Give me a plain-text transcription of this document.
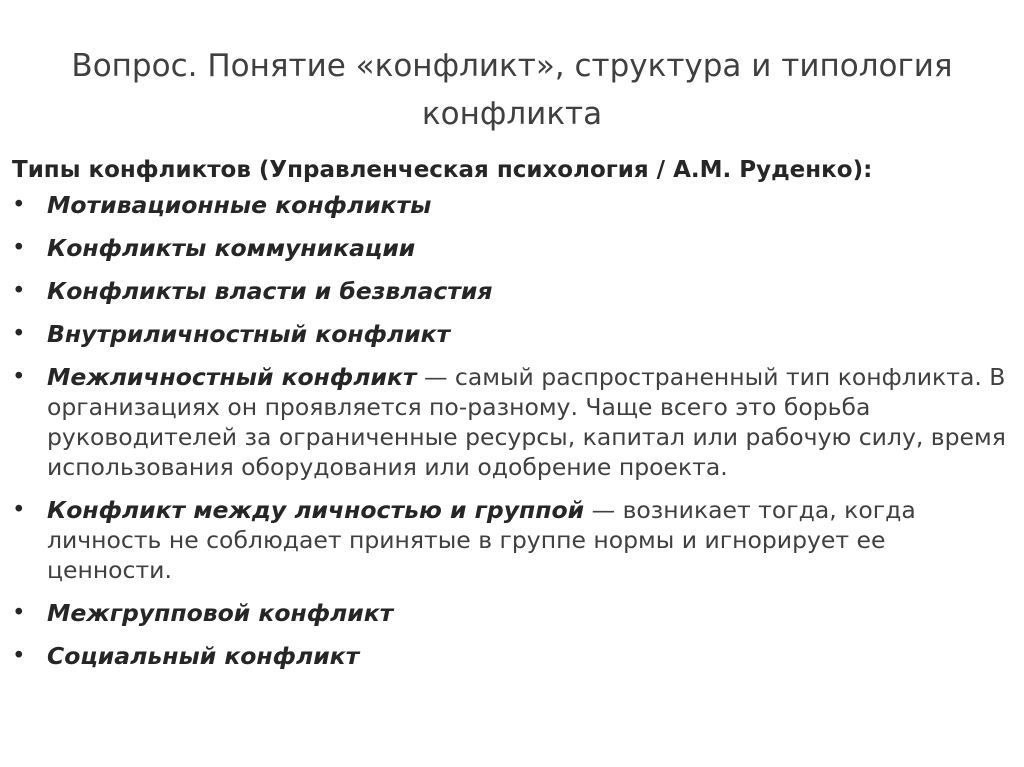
Вопрос. Понятие «конфликт», структура и типология
конфликта
Типы конфликтов (Управленческая психология / А.М. Руденко):
• Мотивационные конфликты
• Конфликты коммуникации
• Конфликты власти и безвластия
• Внутриличностный конфликт
• Межличностный конфликт — самый распространенный тип конфликта. В организациях он проявляется по-разному. Чаще всего это борьба руководителей за ограниченные ресурсы, капитал или рабочую силу, время использования оборудования или одобрение проекта.
• Конфликт между личностью и группой — возникает тогда, когда личность не соблюдает принятые в группе нормы и игнорирует ее ценности.
• Межгрупповой конфликт
• Социальный конфликт
